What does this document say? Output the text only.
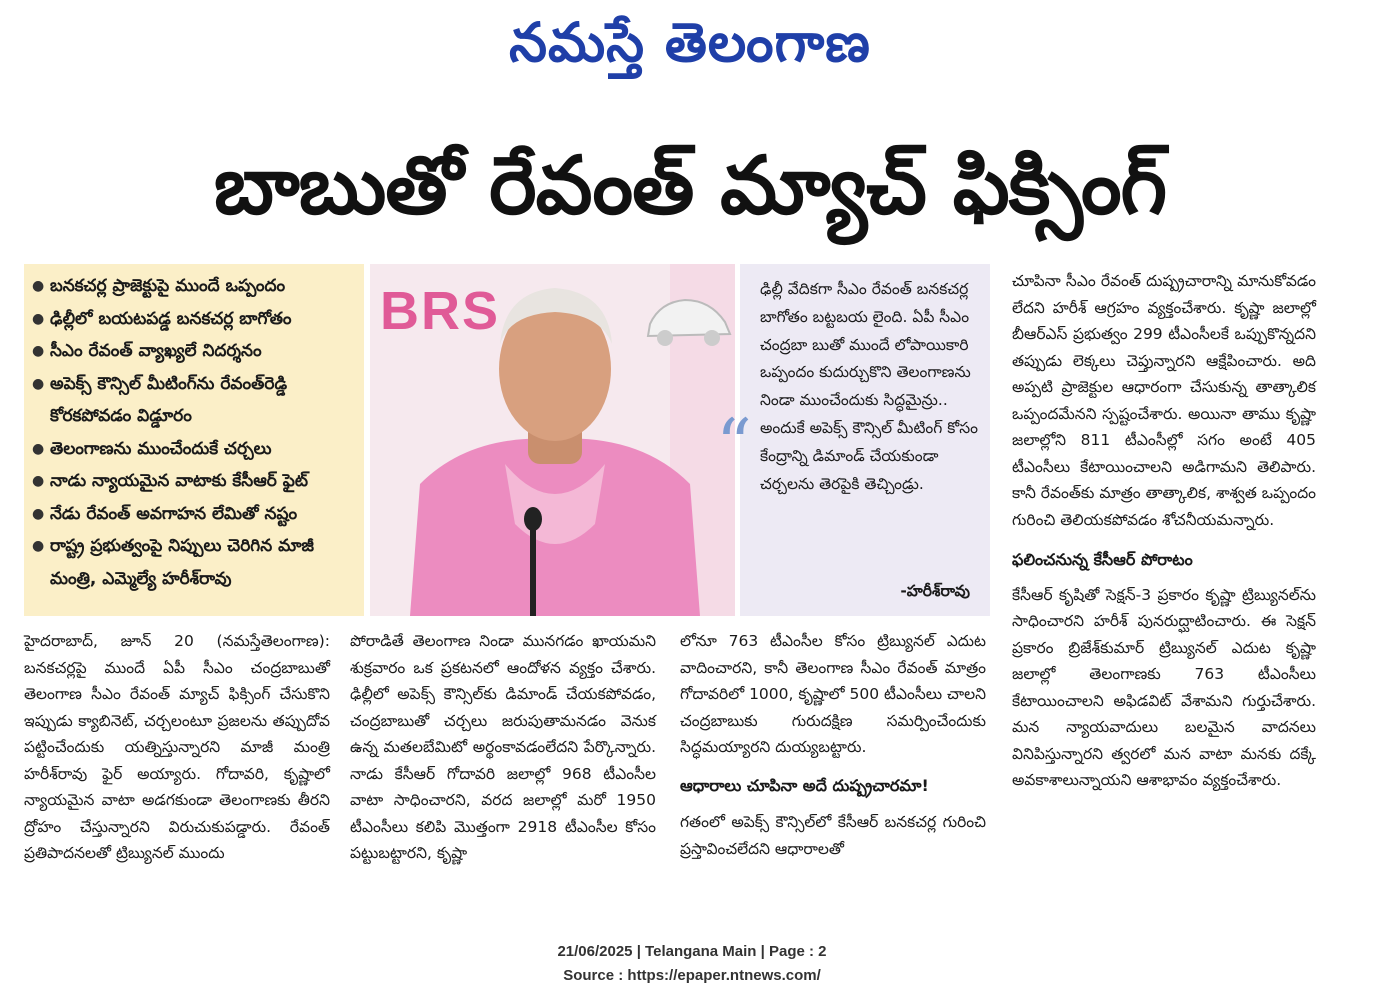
నమస్తే తెలంగాణ
బాబుతో రేవంత్ మ్యాచ్ ఫిక్సింగ్
● బనకచర్ల ప్రాజెక్టుపై ముందే ఒప్పందం
● ఢిల్లీలో బయటపడ్డ బనకచర్ల బాగోతం
● సీఎం రేవంత్ వ్యాఖ్యలే నిదర్శనం
● అపెక్స్ కౌన్సిల్ మీటింగ్‌ను రేవంత్‌రెడ్డి కోరకపోవడం విడ్డూరం
● తెలంగాణను ముంచేందుకే చర్చలు
● నాడు న్యాయమైన వాటాకు కేసీఆర్ ఫైట్
● నేడు రేవంత్ అవగాహన లేమితో నష్టం
● రాష్ట్ర ప్రభుత్వంపై నిప్పులు చెరిగిన మాజీ మంత్రి, ఎమ్మెల్యే హరీశ్‌రావు
BRS
“
ఢిల్లీ వేదికగా సీఎం రేవంత్ బనకచర్ల బాగోతం బట్టబయ లైంది. ఏపీ సీఎం చంద్రబా బుతో ముందే లోపాయికారి ఒప్పందం కుదుర్చుకొని తెలంగాణను నిండా ముంచేందుకు సిద్ధమైన్రు.. అందుకే అపెక్స్ కౌన్సిల్ మీటింగ్ కోసం కేంద్రాన్ని డిమాండ్ చేయకుండా చర్చలను తెరపైకి తెచ్చిండ్రు.
-హరీశ్‌రావు

హైదరాబాద్, జూన్ 20 (నమస్తేతెలంగాణ): బనకచర్లపై ముందే ఏపీ సీఎం చంద్రబాబుతో తెలంగాణ సీఎం రేవంత్ మ్యాచ్ ఫిక్సింగ్ చేసుకొని ఇప్పుడు క్యాబినెట్, చర్చలంటూ ప్రజలను తప్పుదోవ పట్టించేందుకు యత్నిస్తున్నారని మాజీ మంత్రి హరీశ్‌రావు ఫైర్ అయ్యారు. గోదావరి, కృష్ణాలో న్యాయమైన వాటా అడగకుండా తెలంగాణకు తీరని ద్రోహం చేస్తున్నారని విరుచుకుపడ్డారు. రేవంత్ ప్రతిపాదనలతో ట్రిబ్యునల్ ముందు

పోరాడితే తెలంగాణ నిండా మునగడం ఖాయమని శుక్రవారం ఒక ప్రకటనలో ఆందోళన వ్యక్తం చేశారు. ఢిల్లీలో అపెక్స్ కౌన్సిల్‌కు డిమాండ్ చేయకపోవడం, చంద్రబాబుతో చర్చలు జరుపుతామనడం వెనుక ఉన్న మతలబేమిటో అర్థంకావడంలేదని పేర్కొన్నారు. నాడు కేసీఆర్ గోదావరి జలాల్లో 968 టీఎంసీల వాటా సాధించారని, వరద జలాల్లో మరో 1950 టీఎంసీలు కలిపి మొత్తంగా 2918 టీఎంసీల కోసం పట్టుబట్టారని, కృష్ణా

లోనూ 763 టీఎంసీల కోసం ట్రిబ్యునల్ ఎదుట వాదించారని, కానీ తెలంగాణ సీఎం రేవంత్ మాత్రం గోదావరిలో 1000, కృష్ణాలో 500 టీఎంసీలు చాలని చంద్రబాబుకు గురుదక్షిణ సమర్పించేందుకు సిద్ధమయ్యారని దుయ్యబట్టారు.

ఆధారాలు చూపినా అదే దుష్ప్రచారమా!

గతంలో అపెక్స్ కౌన్సిల్‌లో కేసీఆర్ బనకచర్ల గురించి ప్రస్తావించలేదని ఆధారాలతో

చూపినా సీఎం రేవంత్ దుష్ప్రచారాన్ని మానుకోవడం లేదని హరీశ్ ఆగ్రహం వ్యక్తంచేశారు. కృష్ణా జలాల్లో బీఆర్‌ఎస్ ప్రభుత్వం 299 టీఎంసీలకే ఒప్పుకొన్నదని తప్పుడు లెక్కలు చెప్తున్నారని ఆక్షేపించారు. అది అప్పటి ప్రాజెక్టుల ఆధారంగా చేసుకున్న తాత్కాలిక ఒప్పందమేనని స్పష్టంచేశారు. అయినా తాము కృష్ణా జలాల్లోని 811 టీఎంసీల్లో సగం అంటే 405 టీఎంసీలు కేటాయించాలని అడిగామని తెలిపారు. కానీ రేవంత్‌కు మాత్రం తాత్కాలిక, శాశ్వత ఒప్పందం గురించి తెలియకపోవడం శోచనీయమన్నారు.

ఫలించనున్న కేసీఆర్ పోరాటం

కేసీఆర్ కృషితో సెక్షన్-3 ప్రకారం కృష్ణా ట్రిబ్యునల్‌ను సాధించారని హరీశ్ పునరుద్ఘాటించారు. ఈ సెక్షన్ ప్రకారం బ్రిజేశ్‌కుమార్ ట్రిబ్యునల్ ఎదుట కృష్ణా జలాల్లో తెలంగాణకు 763 టీఎంసీలు కేటాయించాలని అఫిడవిట్ వేశామని గుర్తుచేశారు. మన న్యాయవాదులు బలమైన వాదనలు వినిపిస్తున్నారని త్వరలో మన వాటా మనకు దక్కే అవకాశాలున్నాయని ఆశాభావం వ్యక్తంచేశారు.

21/06/2025 | Telangana Main | Page : 2
Source : https://epaper.ntnews.com/
